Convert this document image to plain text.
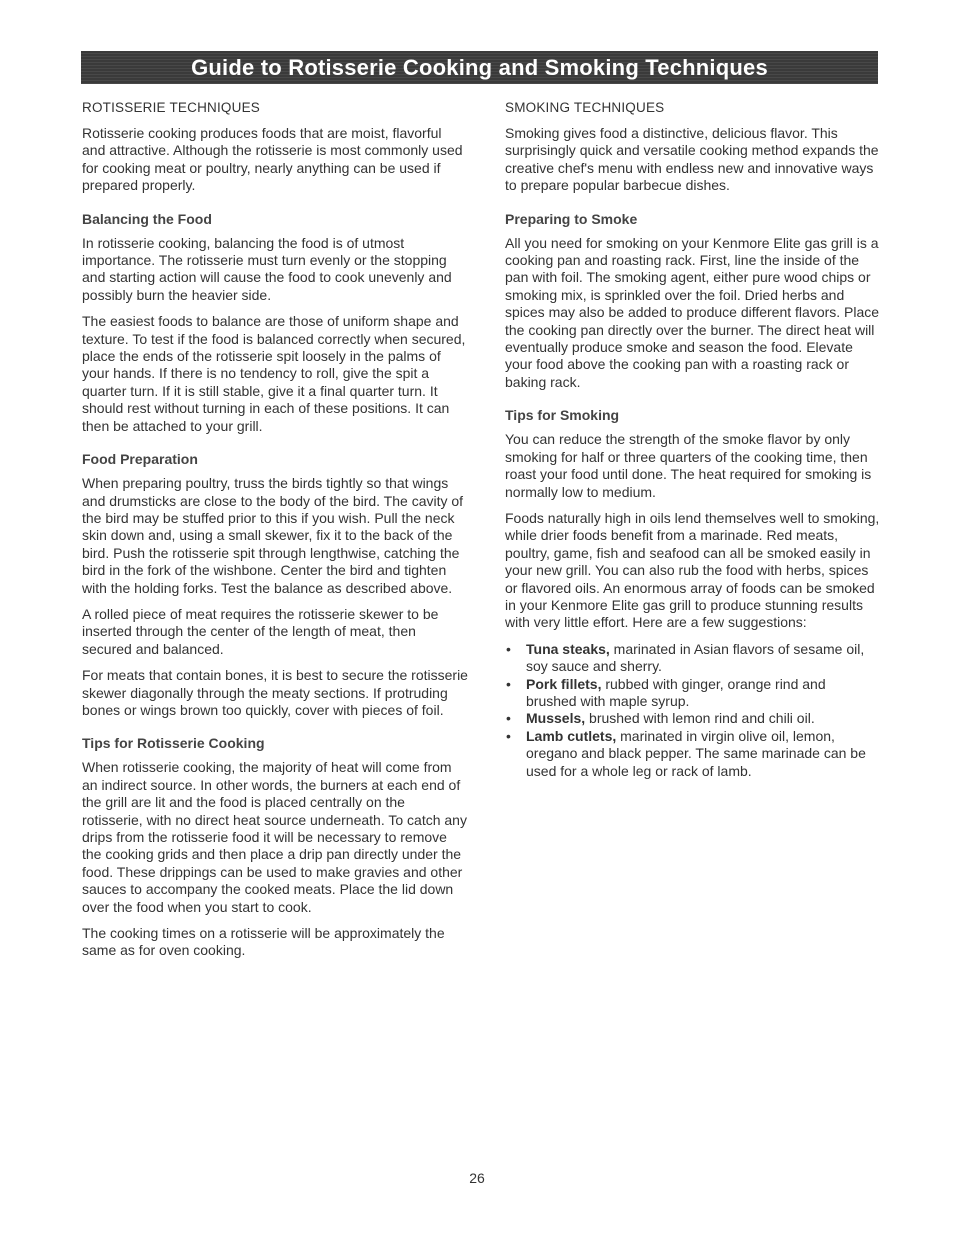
Guide to Rotisserie Cooking and Smoking Techniques
ROTISSERIE TECHNIQUES

Rotisserie cooking produces foods that are moist, flavorful and attractive. Although the rotisserie is most commonly used for cooking meat or poultry, nearly anything can be used if prepared properly.

Balancing the Food

In rotisserie cooking, balancing the food is of utmost importance. The rotisserie must turn evenly or the stopping and starting action will cause the food to cook unevenly and possibly burn the heavier side.

The easiest foods to balance are those of uniform shape and texture. To test if the food is balanced correctly when secured, place the ends of the rotisserie spit loosely in the palms of your hands. If there is no tendency to roll, give the spit a quarter turn. If it is still stable, give it a final quarter turn. It should rest without turning in each of these positions. It can then be attached to your grill.

Food Preparation

When preparing poultry, truss the birds tightly so that wings and drumsticks are close to the body of the bird. The cavity of the bird may be stuffed prior to this if you wish. Pull the neck skin down and, using a small skewer, fix it to the back of the bird. Push the rotisserie spit through lengthwise, catching the bird in the fork of the wishbone. Center the bird and tighten with the holding forks. Test the balance as described above.

A rolled piece of meat requires the rotisserie skewer to be inserted through the center of the length of meat, then secured and balanced.

For meats that contain bones, it is best to secure the rotisserie skewer diagonally through the meaty sections. If protruding bones or wings brown too quickly, cover with pieces of foil.

Tips for Rotisserie Cooking

When rotisserie cooking, the majority of heat will come from an indirect source. In other words, the burners at each end of the grill are lit and the food is placed centrally on the rotisserie, with no direct heat source underneath. To catch any drips from the rotisserie food it will be necessary to remove the cooking grids and then place a drip pan directly under the food. These drippings can be used to make gravies and other sauces to accompany the cooked meats. Place the lid down over the food when you start to cook.

The cooking times on a rotisserie will be approximately the same as for oven cooking.

SMOKING TECHNIQUES

Smoking gives food a distinctive, delicious flavor. This surprisingly quick and versatile cooking method expands the creative chef's menu with endless new and innovative ways to prepare popular barbecue dishes.

Preparing to Smoke

All you need for smoking on your Kenmore Elite gas grill is a cooking pan and roasting rack. First, line the inside of the pan with foil. The smoking agent, either pure wood chips or smoking mix, is sprinkled over the foil. Dried herbs and spices may also be added to produce different flavors. Place the cooking pan directly over the burner. The direct heat will eventually produce smoke and season the food. Elevate your food above the cooking pan with a roasting rack or baking rack.

Tips for Smoking

You can reduce the strength of the smoke flavor by only smoking for half or three quarters of the cooking time, then roast your food until done. The heat required for smoking is normally low to medium.

Foods naturally high in oils lend themselves well to smoking, while drier foods benefit from a marinade. Red meats, poultry, game, fish and seafood can all be smoked easily in your new grill. You can also rub the food with herbs, spices or flavored oils. An enormous array of foods can be smoked in your Kenmore Elite gas grill to produce stunning results with very little effort. Here are a few suggestions:

• Tuna steaks, marinated in Asian flavors of sesame oil, soy sauce and sherry.
• Pork fillets, rubbed with ginger, orange rind and brushed with maple syrup.
• Mussels, brushed with lemon rind and chili oil.
• Lamb cutlets, marinated in virgin olive oil, lemon, oregano and black pepper. The same marinade can be used for a whole leg or rack of lamb.
26
